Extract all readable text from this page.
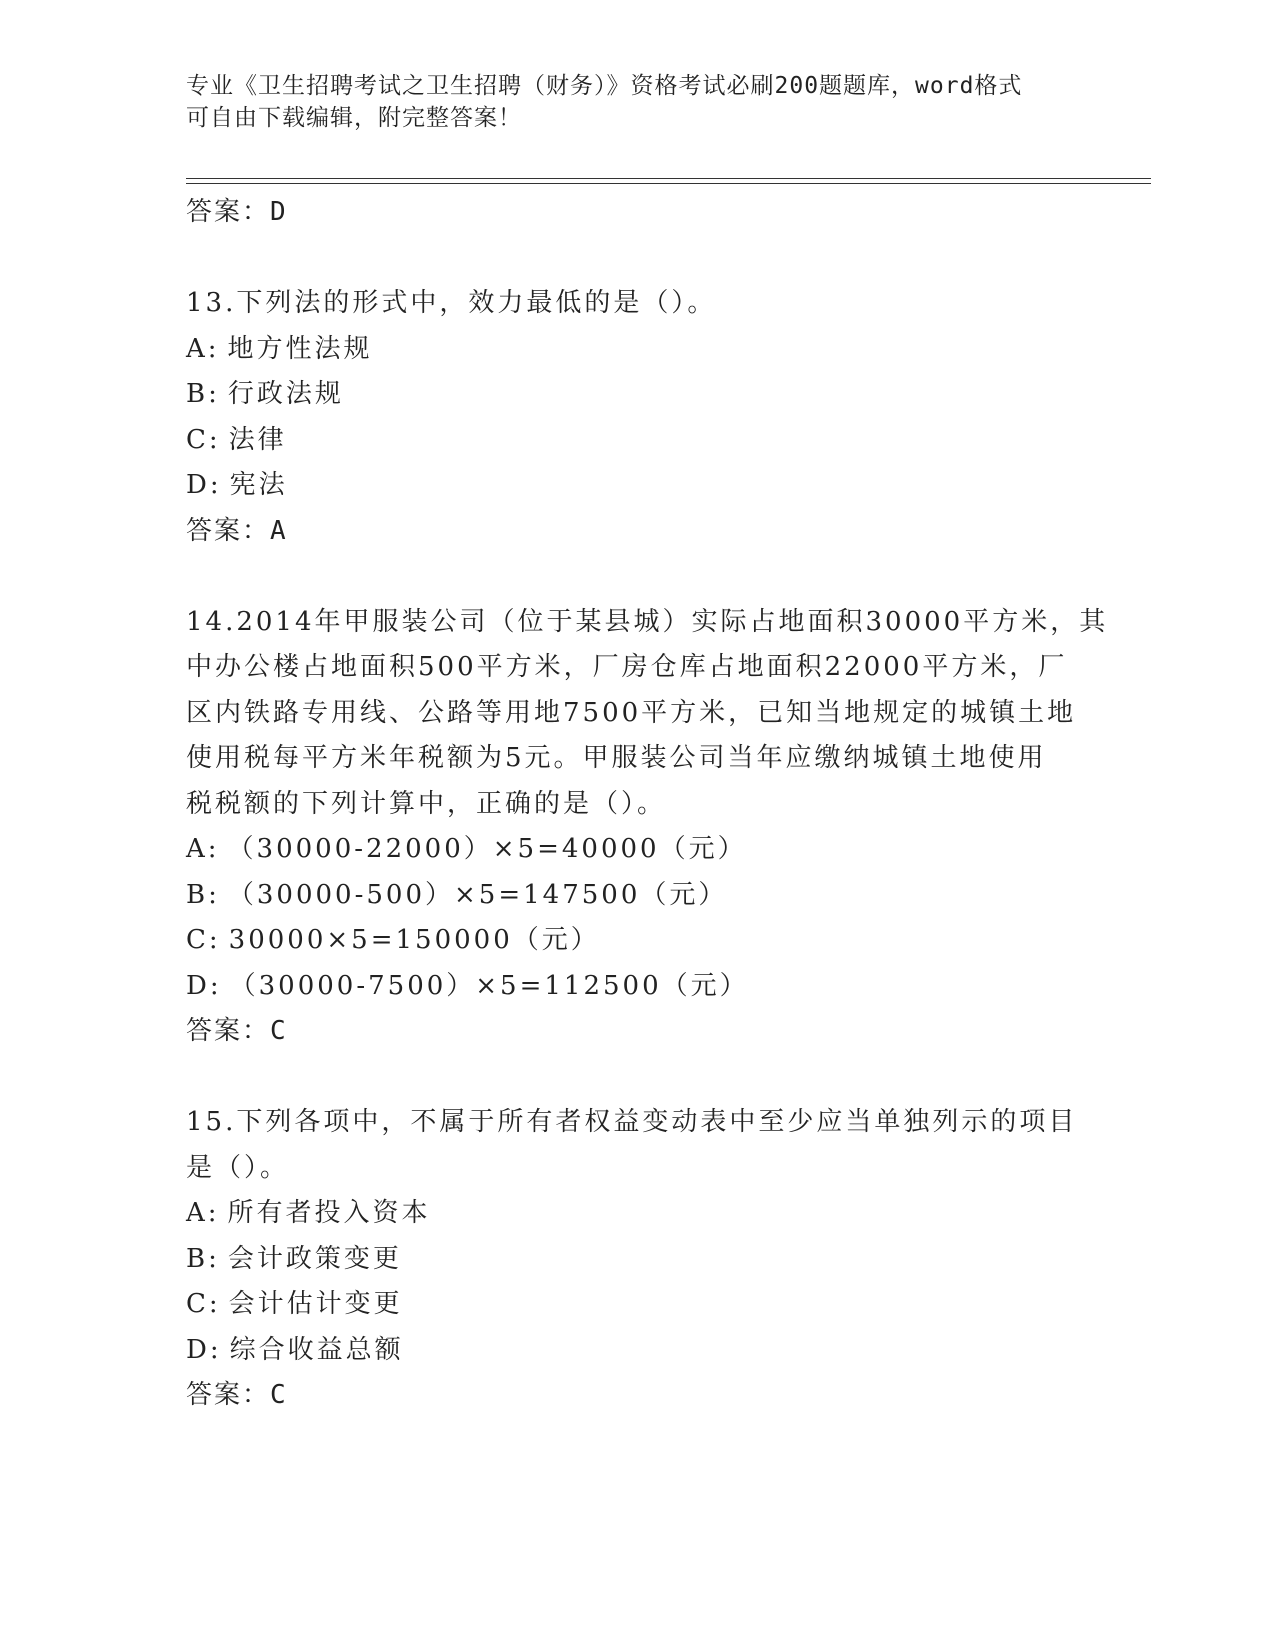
专业《卫生招聘考试之卫生招聘（财务）》资格考试必刷200题题库，word格式
可自由下载编辑，附完整答案！
答案：D
13.下列法的形式中，效力最低的是（）。
A: 地方性法规
B: 行政法规
C: 法律
D: 宪法
答案：A
14.2014年甲服装公司（位于某县城）实际占地面积30000平方米，其
中办公楼占地面积500平方米，厂房仓库占地面积22000平方米，厂
区内铁路专用线、公路等用地7500平方米，已知当地规定的城镇土地
使用税每平方米年税额为5元。甲服装公司当年应缴纳城镇土地使用
税税额的下列计算中，正确的是（）。
A: （30000-22000）×5=40000（元）
B: （30000-500）×5=147500（元）
C: 30000×5=150000（元）
D: （30000-7500）×5=112500（元）
答案：C
15.下列各项中，不属于所有者权益变动表中至少应当单独列示的项目
是（）。
A: 所有者投入资本
B: 会计政策变更
C: 会计估计变更
D: 综合收益总额
答案：C
